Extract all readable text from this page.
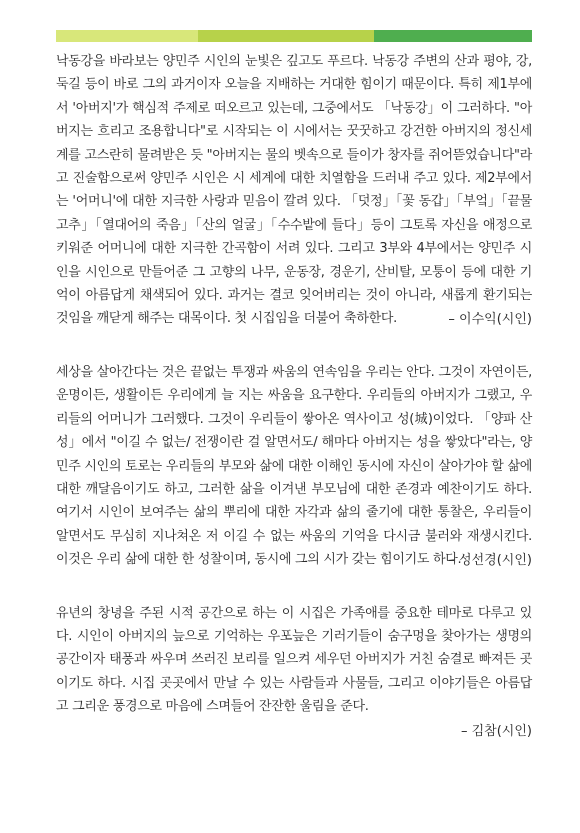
낙동강을 바라보는 양민주 시인의 눈빛은 깊고도 푸르다. 낙동강 주변의 산과 평야, 강, 둑길 등이 바로 그의 과거이자 오늘을 지배하는 거대한 힘이기 때문이다. 특히 제1부에서 '아버지'가 핵심적 주제로 떠오르고 있는데, 그중에서도 「낙동강」이 그러하다. "아버지는 흐리고 조용합니다"로 시작되는 이 시에서는 꿋꿋하고 강건한 아버지의 정신세계를 고스란히 물려받은 듯 "아버지는 물의 벳속으로 들이가 창자를 쥐어뜯었습니다"라고 진술함으로써 양민주 시인은 시 세계에 대한 치열함을 드러내 주고 있다. 제2부에서는 '어머니'에 대한 지극한 사랑과 믿음이 깔려 있다. 「덧정」「꽃 동갑」「부엌」「끝물고추」「열대어의 죽음」「산의 얼굴」「수수밭에 들다」등이 그토록 자신을 애정으로 키워준 어머니에 대한 지극한 간곡함이 서려 있다. 그리고 3부와 4부에서는 양민주 시인을 시인으로 만들어준 그 고향의 나무, 운동장, 경운기, 산비탈, 모퉁이 등에 대한 기억이 아름답게 채색되어 있다. 과거는 결코 잊어버리는 것이 아니라, 새롭게 환기되는 것임을 깨닫게 해주는 대목이다. 첫 시집임을 더불어 축하한다.	– 이수익(시인)

세상을 살아간다는 것은 끝없는 투쟁과 싸움의 연속임을 우리는 안다. 그것이 자연이든, 운명이든, 생활이든 우리에게 늘 지는 싸움을 요구한다. 우리들의 아버지가 그랬고, 우리들의 어머니가 그러했다. 그것이 우리들이 쌓아온 역사이고 성(城)이었다. 「양파 산성」에서 "이길 수 없는/ 전쟁이란 걸 알면서도/ 해마다 아버지는 성을 쌓았다"라는, 양민주 시인의 토로는 우리들의 부모와 삶에 대한 이해인 동시에 자신이 살아가야 할 삶에 대한 깨달음이기도 하고, 그러한 삶을 이겨낸 부모님에 대한 존경과 예찬이기도 하다. 여기서 시인이 보여주는 삶의 뿌리에 대한 자각과 삶의 줄기에 대한 통찰은, 우리들이 알면서도 무심히 지나쳐온 저 이길 수 없는 싸움의 기억을 다시금 불러와 재생시킨다. 이것은 우리 삶에 대한 한 성찰이며, 동시에 그의 시가 갖는 힘이기도 하다.

– 성선경(시인)

유년의 창녕을 주된 시적 공간으로 하는 이 시집은 가족애를 중요한 테마로 다루고 있다. 시인이 아버지의 늪으로 기억하는 우포늪은 기러기들이 숨구멍을 찾아가는 생명의 공간이자 태풍과 싸우며 쓰러진 보리를 일으켜 세우던 아버지가 거친 숨결로 빠져든 곳이기도 하다. 시집 곳곳에서 만날 수 있는 사람들과 사물들, 그리고 이야기들은 아름답고 그리운 풍경으로 마음에 스며들어 잔잔한 울림을 준다.

– 김참(시인)
